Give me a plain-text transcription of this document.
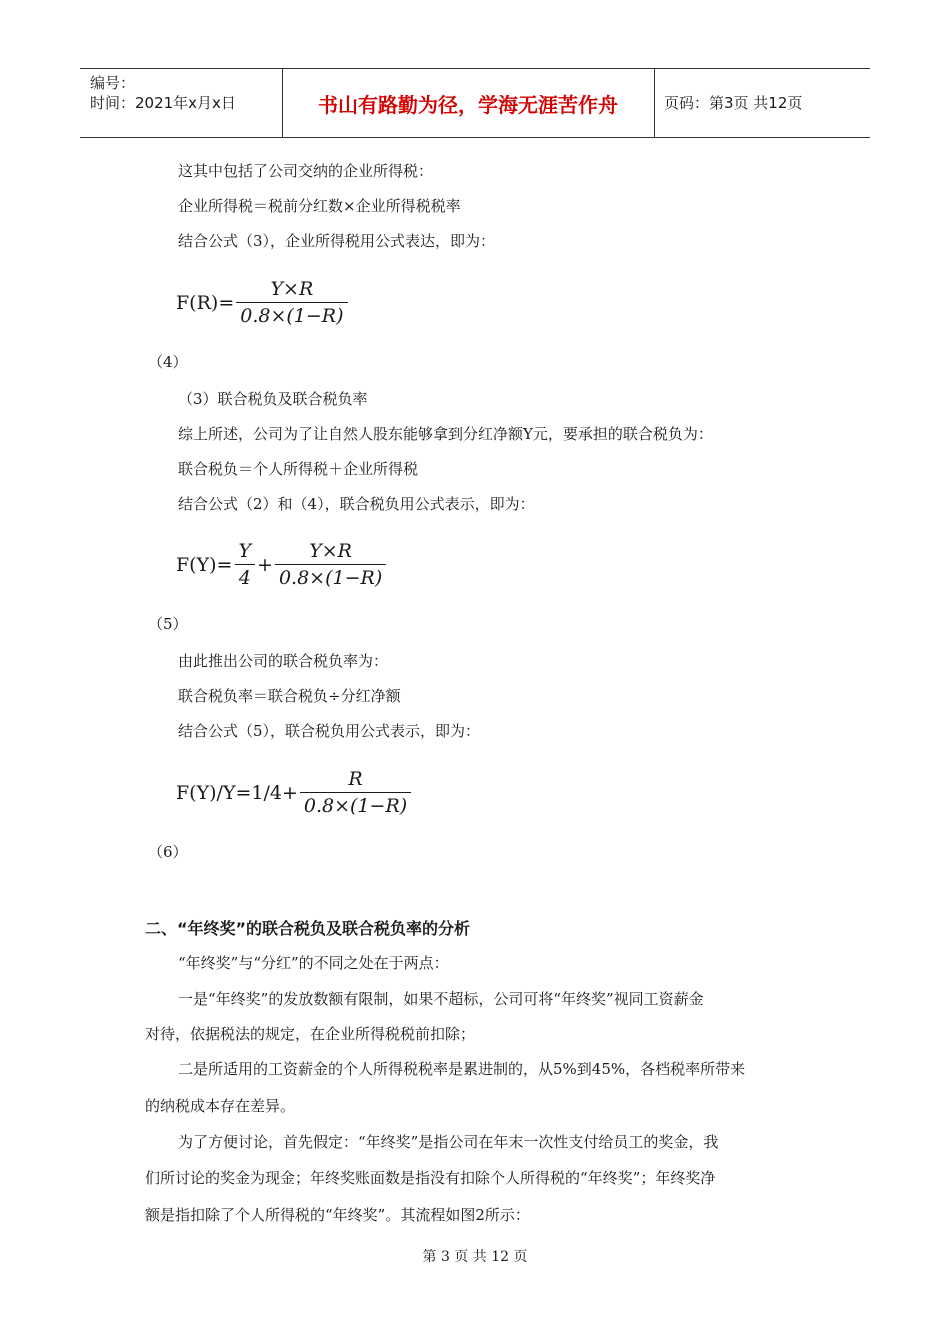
编号：
时间：2021年x月x日	书山有路勤为径，学海无涯苦作舟	页码：第3页 共12页
这其中包括了公司交纳的企业所得税：
企业所得税＝税前分红数×企业所得税税率
结合公式（3），企业所得税用公式表达，即为：
$F(R)= \frac{Y\times R}{0.8\times(1-R)}$
（4）
（3）联合税负及联合税负率
综上所述，公司为了让自然人股东能够拿到分红净额Y元，要承担的联合税负为：
联合税负＝个人所得税＋企业所得税
结合公式（2）和（4），联合税负用公式表示，即为：
$F(Y)= \frac{Y}{4} + \frac{Y\times R}{0.8\times(1-R)}$
（5）
由此推出公司的联合税负率为：
联合税负率＝联合税负÷分红净额
结合公式（5），联合税负用公式表示，即为：
$F(Y)/Y=1/4+ \frac{R}{0.8\times(1-R)}$
（6）
二、“年终奖”的联合税负及联合税负率的分析
“年终奖”与“分红”的不同之处在于两点：
一是“年终奖”的发放数额有限制，如果不超标，公司可将“年终奖”视同工资薪金
对待，依据税法的规定，在企业所得税税前扣除；
二是所适用的工资薪金的个人所得税税率是累进制的，从5%到45%，各档税率所带来
的纳税成本存在差异。
为了方便讨论，首先假定：“年终奖”是指公司在年末一次性支付给员工的奖金，我
们所讨论的奖金为现金；年终奖账面数是指没有扣除个人所得税的“年终奖”；年终奖净
额是指扣除了个人所得税的“年终奖”。其流程如图2所示：
第 3 页 共 12 页
